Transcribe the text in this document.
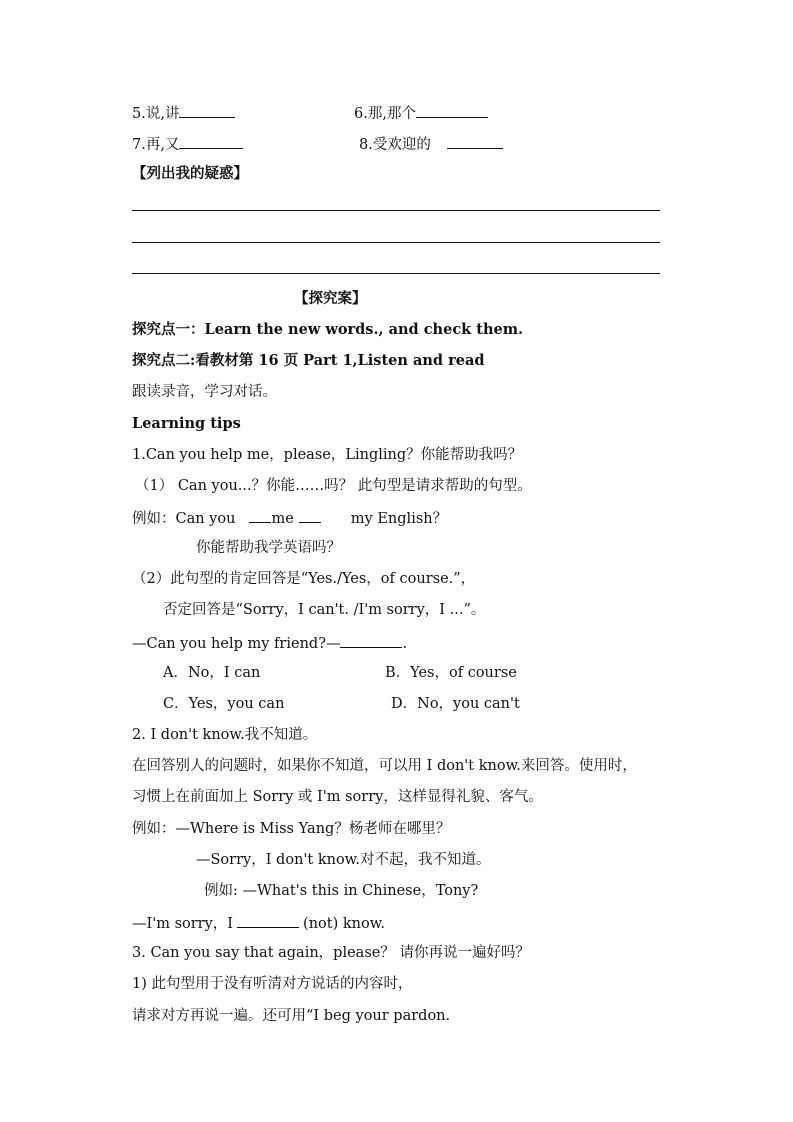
5.说,讲	6.那,那个
7.再,又	8.受欢迎的
【列出我的疑惑】
【探究案】
探究点一：Learn the new words., and check them.
探究点二:看教材第 16 页 Part 1,Listen and read
跟读录音，学习对话。
Learning tips
1.Can you help me，please，Lingling？你能帮助我吗？
（1） Can you...？你能……吗？ 此句型是请求帮助的句型。
例如：Can you me	my English？
你能帮助我学英语吗？
（2）此句型的肯定回答是“Yes./Yes，of course.”，
否定回答是“Sorry，I can't. /I'm sorry，I ...”。
—Can you help my friend?—	.
A．No，I can	B．Yes，of course
C．Yes，you can	D．No，you can't
2. I don't know.我不知道。
在回答别人的问题时，如果你不知道，可以用 I don't know.来回答。使用时，
习惯上在前面加上 Sorry 或 I'm sorry，这样显得礼貌、客气。
例如：—Where is Miss Yang？杨老师在哪里？
—Sorry，I don't know.对不起，我不知道。
例如: —What's this in Chinese，Tony?
—I'm sorry，I	(not) know.
3. Can you say that again，please？ 请你再说一遍好吗？
1) 此句型用于没有听清对方说话的内容时，
请求对方再说一遍。还可用“I beg your pardon.
